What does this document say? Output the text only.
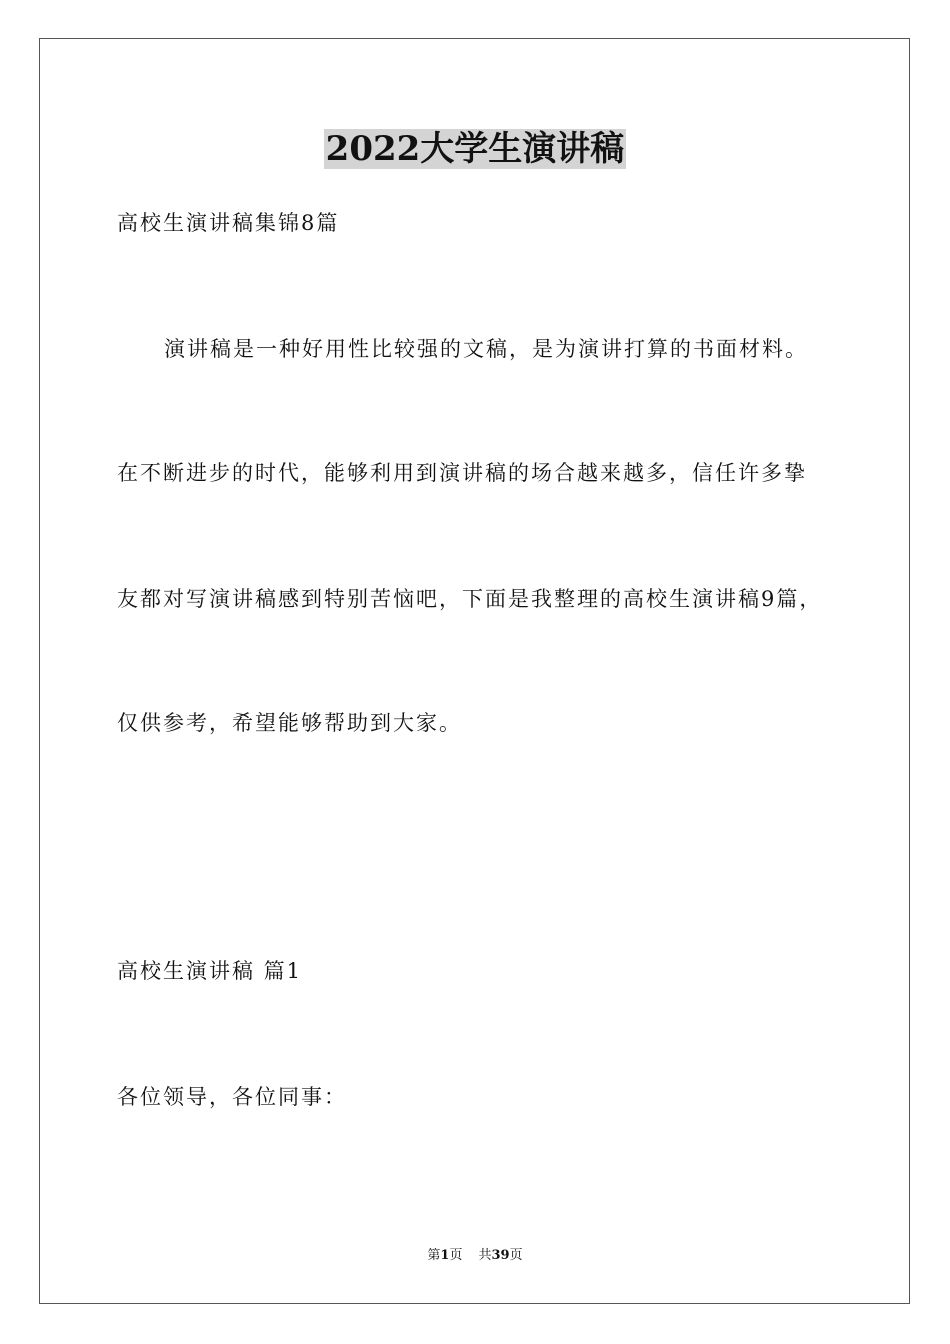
2022大学生演讲稿
高校生演讲稿集锦8篇
演讲稿是一种好用性比较强的文稿，是为演讲打算的书面材料。
在不断进步的时代，能够利用到演讲稿的场合越来越多，信任许多挚
友都对写演讲稿感到特别苦恼吧，下面是我整理的高校生演讲稿9篇，
仅供参考，希望能够帮助到大家。
高校生演讲稿 篇1
各位领导，各位同事：
第1页 共39页
